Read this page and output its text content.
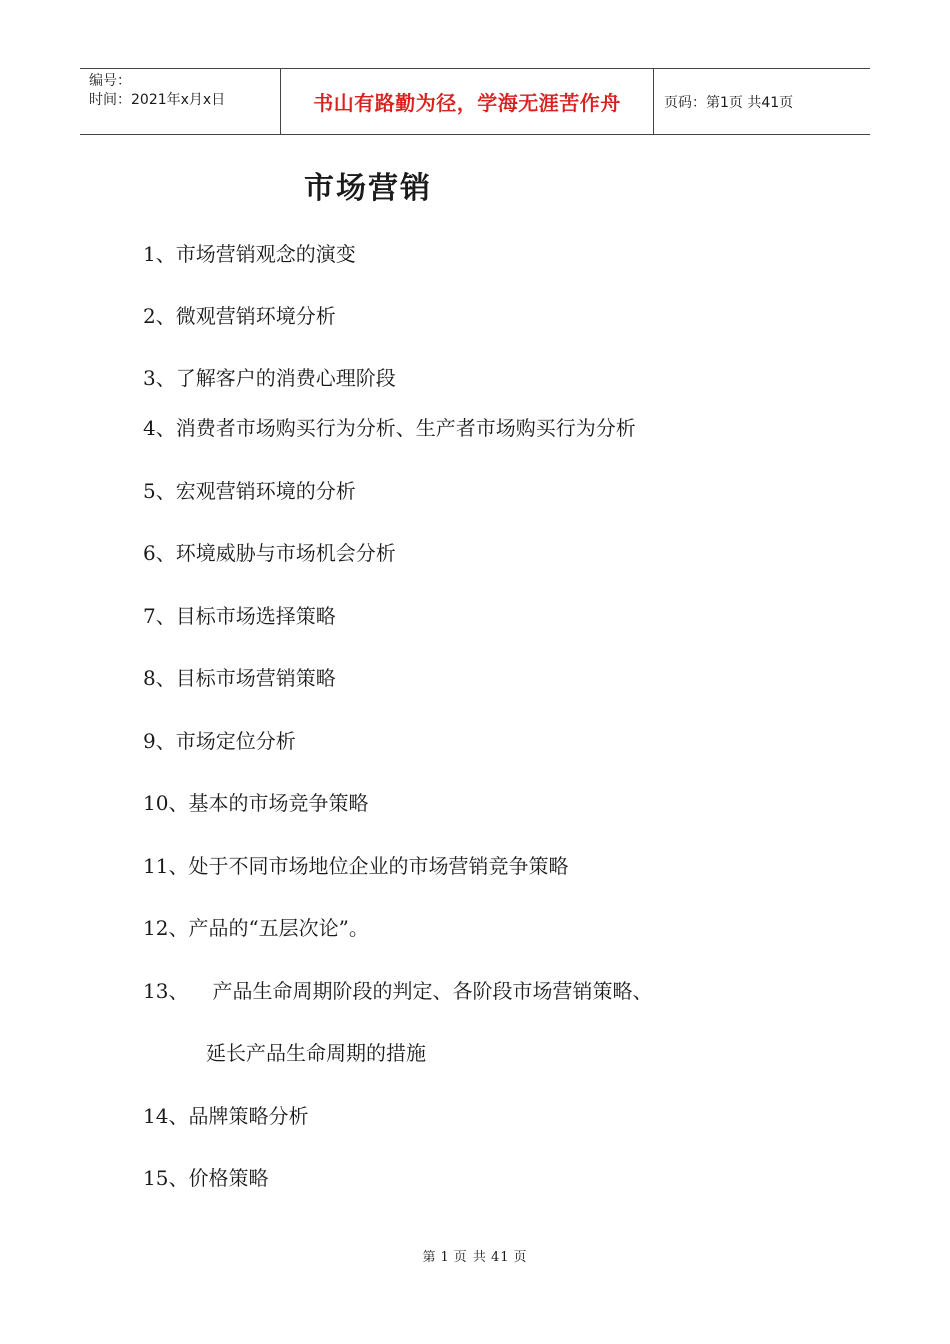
编号：
时间：2021年x月x日	书山有路勤为径，学海无涯苦作舟	页码：第1页 共41页
市场营销
1、市场营销观念的演变
2、微观营销环境分析
3、了解客户的消费心理阶段
4、消费者市场购买行为分析、生产者市场购买行为分析
5、宏观营销环境的分析
6、环境威胁与市场机会分析
7、目标市场选择策略
8、目标市场营销策略
9、市场定位分析
10、基本的市场竞争策略
11、处于不同市场地位企业的市场营销竞争策略
12、产品的“五层次论”。
13、 产品生命周期阶段的判定、各阶段市场营销策略、
延长产品生命周期的措施
14、品牌策略分析
15、价格策略
第 1 页 共 41 页
